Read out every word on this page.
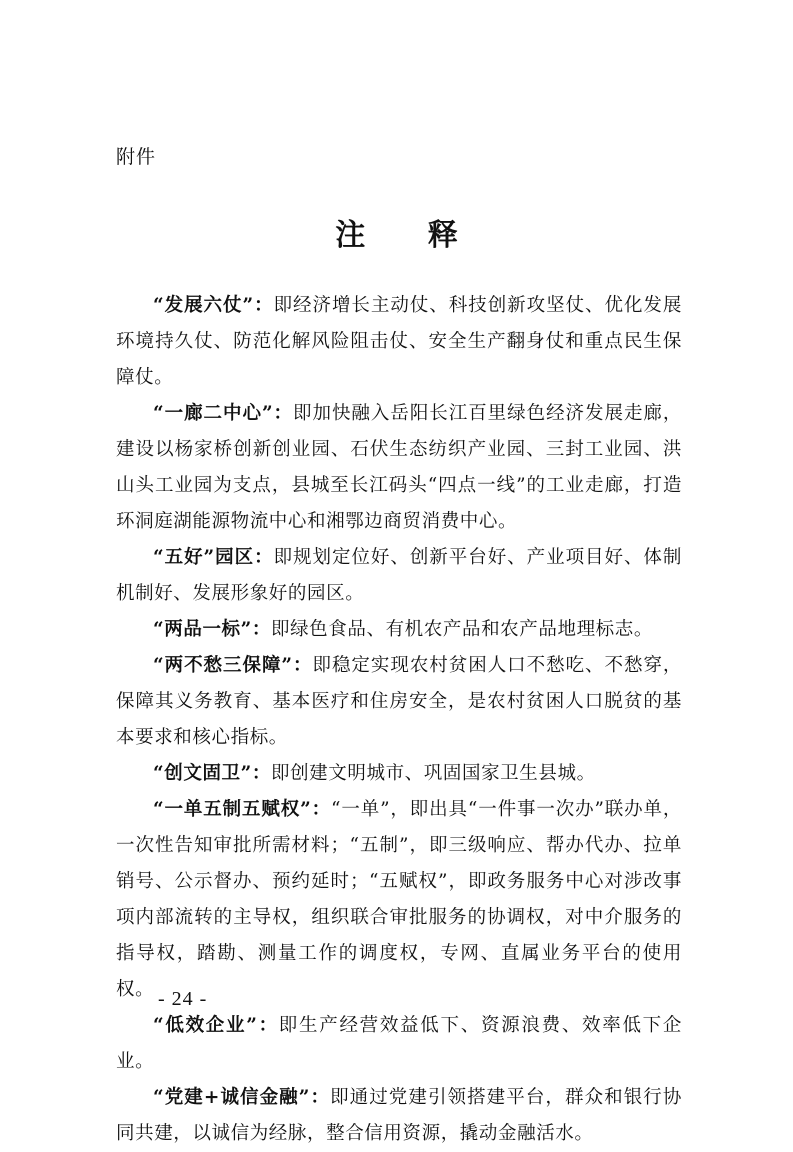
附件
注 释

“发展六仗”：即经济增长主动仗、科技创新攻坚仗、优化发展环境持久仗、防范化解风险阻击仗、安全生产翻身仗和重点民生保障仗。

“一廊二中心”：即加快融入岳阳长江百里绿色经济发展走廊，建设以杨家桥创新创业园、石伏生态纺织产业园、三封工业园、洪山头工业园为支点，县城至长江码头“四点一线”的工业走廊，打造环洞庭湖能源物流中心和湘鄂边商贸消费中心。

“五好”园区：即规划定位好、创新平台好、产业项目好、体制机制好、发展形象好的园区。

“两品一标”：即绿色食品、有机农产品和农产品地理标志。

“两不愁三保障”：即稳定实现农村贫困人口不愁吃、不愁穿，保障其义务教育、基本医疗和住房安全，是农村贫困人口脱贫的基本要求和核心指标。

“创文固卫”：即创建文明城市、巩固国家卫生县城。

“一单五制五赋权”：“一单”，即出具“一件事一次办”联办单，一次性告知审批所需材料；“五制”，即三级响应、帮办代办、拉单销号、公示督办、预约延时；“五赋权”，即政务服务中心对涉改事项内部流转的主导权，组织联合审批服务的协调权，对中介服务的指导权，踏勘、测量工作的调度权，专网、直属业务平台的使用权。

“低效企业”：即生产经营效益低下、资源浪费、效率低下企业。

“党建+诚信金融”：即通过党建引领搭建平台，群众和银行协同共建，以诚信为经脉，整合信用资源，撬动金融活水。

- 24 -
